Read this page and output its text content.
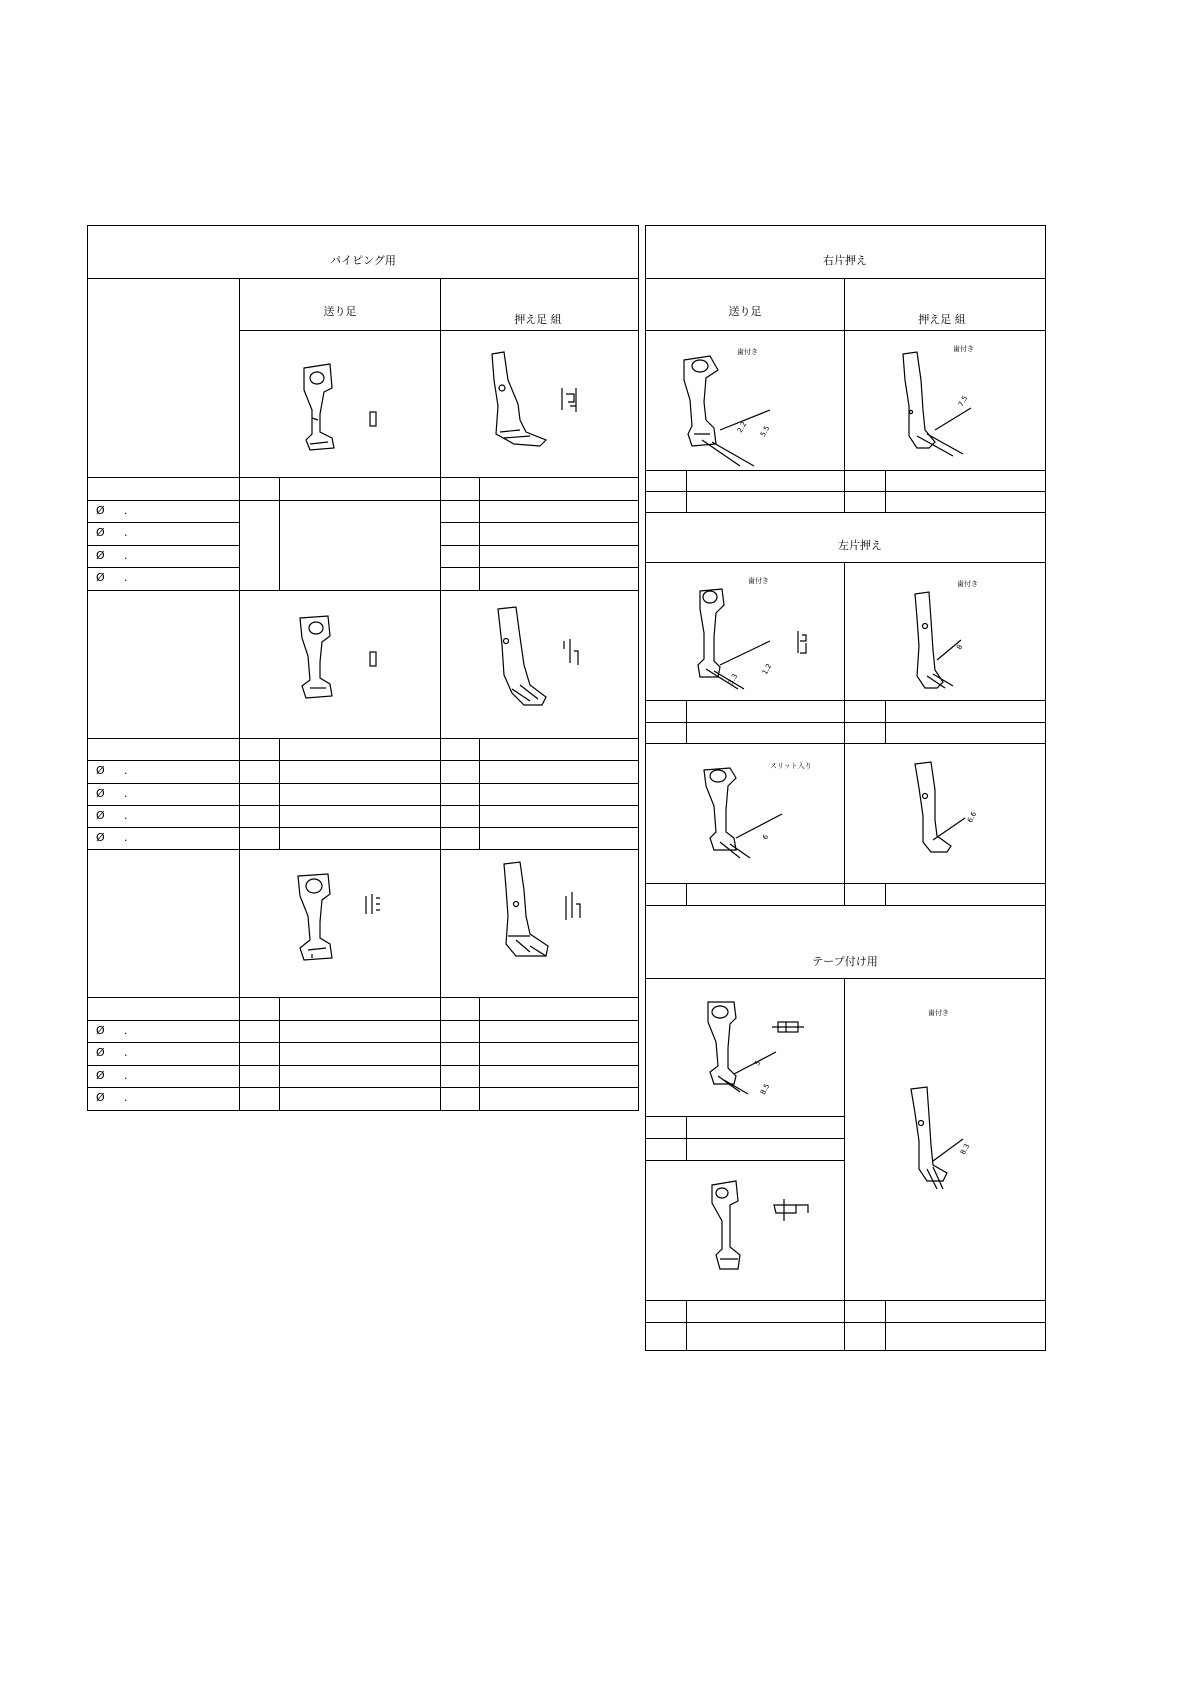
パイピング用
送り足
押え足 組
Ø .
Ø .
Ø .
Ø .
Ø .
Ø .
Ø .
Ø .
Ø .
Ø .
Ø .
Ø .
右片押え
送り足
押え足 組
歯付き	歯付き
2.2 5.5
7.5
左片押え
歯付き	歯付き
スリット入り
3.3
1.2
8
6
6.6
テープ付け用
歯付き
5
8.5
8.3
